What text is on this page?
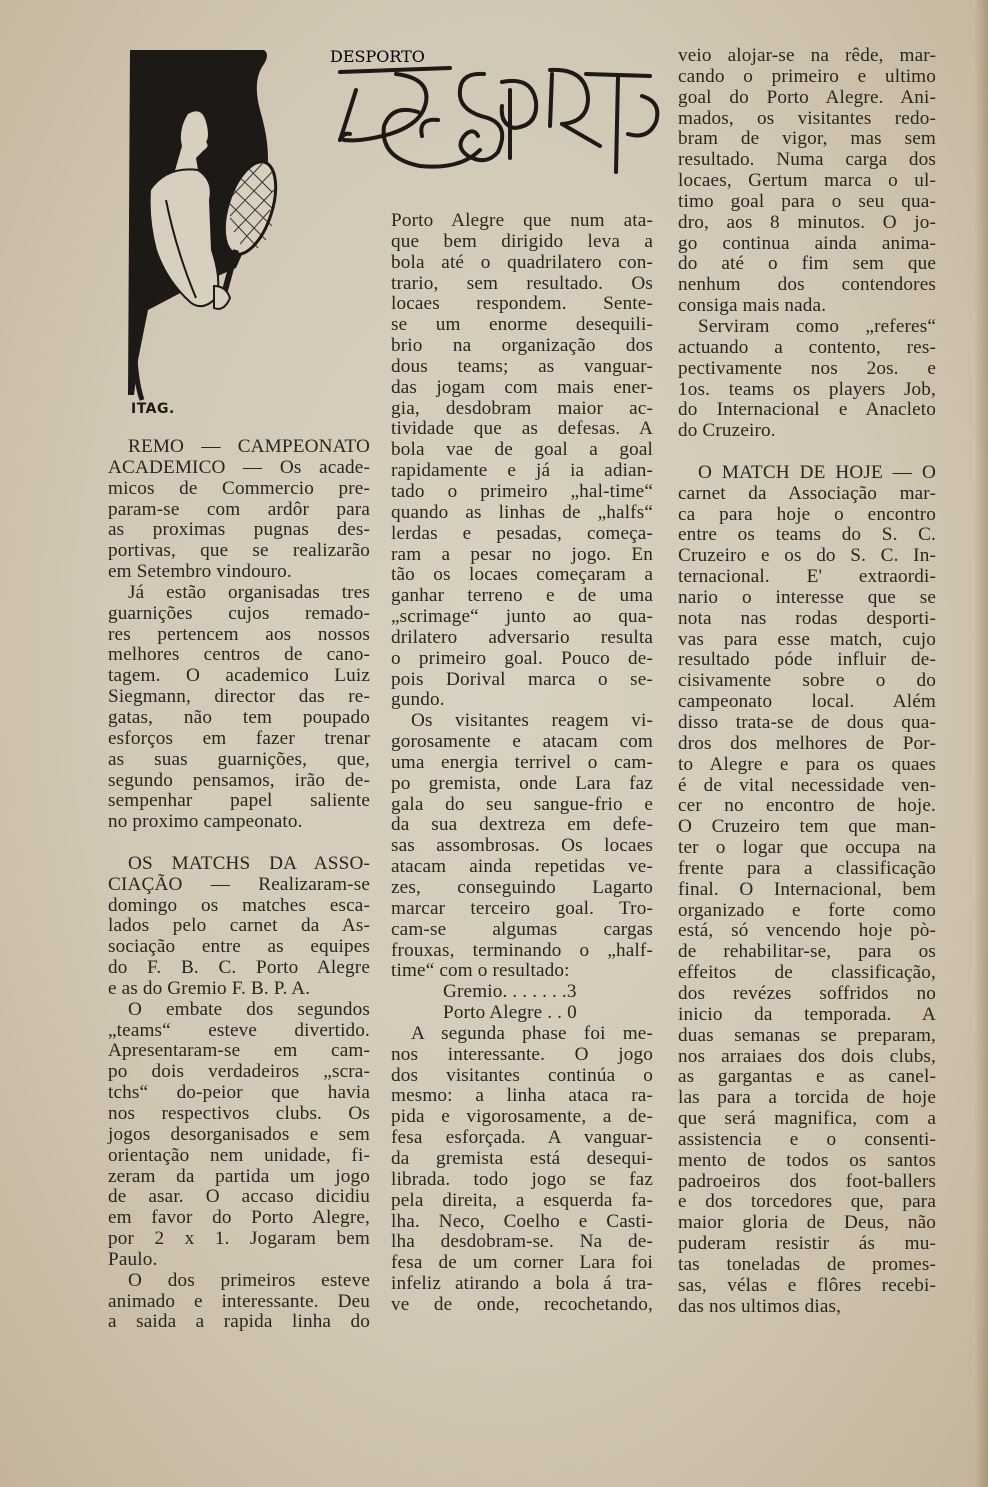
ITAG.
DESPORTO
REMO — CAMPEONATO
ACADEMICO — Os acade-
micos de Commercio pre-
param-se com ardôr para
as proximas pugnas des-
portivas, que se realizarão
em Setembro vindouro.
Já estão organisadas tres
guarnições cujos remado-
res pertencem aos nossos
melhores centros de cano-
tagem. O academico Luiz
Siegmann, director das re-
gatas, não tem poupado
esforços em fazer trenar
as suas guarnições, que,
segundo pensamos, irão de-
sempenhar papel saliente
no proximo campeonato.
OS MATCHS DA ASSO-
CIAÇÃO — Realizaram-se
domingo os matches esca-
lados pelo carnet da As-
sociação entre as equipes
do F. B. C. Porto Alegre
e as do Gremio F. B. P. A.
O embate dos segundos
„teams“ esteve divertido.
Apresentaram-se em cam-
po dois verdadeiros „scra-
tchs“ do-peior que havia
nos respectivos clubs. Os
jogos desorganisados e sem
orientação nem unidade, fi-
zeram da partida um jogo
de asar. O accaso dicidiu
em favor do Porto Alegre,
por 2 x 1. Jogaram bem
Paulo.
O dos primeiros esteve
animado e interessante. Deu
a saida a rapida linha do
Porto Alegre que num ata-
que bem dirigido leva a
bola até o quadrilatero con-
trario, sem resultado. Os
locaes respondem. Sente-
se um enorme desequili-
brio na organização dos
dous teams; as vanguar-
das jogam com mais ener-
gia, desdobram maior ac-
tividade que as defesas. A
bola vae de goal a goal
rapidamente e já ia adian-
tado o primeiro „hal-time“
quando as linhas de „halfs“
lerdas e pesadas, começa-
ram a pesar no jogo. En
tão os locaes começaram a
ganhar terreno e de uma
„scrimage“ junto ao qua-
drilatero adversario resulta
o primeiro goal. Pouco de-
pois Dorival marca o se-
gundo.
Os visitantes reagem vi-
gorosamente e atacam com
uma energia terrivel o cam-
po gremista, onde Lara faz
gala do seu sangue-frio e
da sua dextreza em defe-
sas assombrosas. Os locaes
atacam ainda repetidas ve-
zes, conseguindo Lagarto
marcar terceiro goal. Tro-
cam-se algumas cargas
frouxas, terminando o „half-
time“ com o resultado:
Gremio. . . . . . .3
Porto Alegre . . 0
A segunda phase foi me-
nos interessante. O jogo
dos visitantes continúa o
mesmo: a linha ataca ra-
pida e vigorosamente, a de-
fesa esforçada. A vanguar-
da gremista está desequi-
librada. todo jogo se faz
pela direita, a esquerda fa-
lha. Neco, Coelho e Casti-
lha desdobram-se. Na de-
fesa de um corner Lara foi
infeliz atirando a bola á tra-
ve de onde, recochetando,
veio alojar-se na rêde, mar-
cando o primeiro e ultimo
goal do Porto Alegre. Ani-
mados, os visitantes redo-
bram de vigor, mas sem
resultado. Numa carga dos
locaes, Gertum marca o ul-
timo goal para o seu qua-
dro, aos 8 minutos. O jo-
go continua ainda anima-
do até o fim sem que
nenhum dos contendores
consiga mais nada.
Serviram como „referes“
actuando a contento, res-
pectivamente nos 2os. e
1os. teams os players Job,
do Internacional e Anacleto
do Cruzeiro.
O MATCH DE HOJE — O
carnet da Associação mar-
ca para hoje o encontro
entre os teams do S. C.
Cruzeiro e os do S. C. In-
ternacional. E' extraordi-
nario o interesse que se
nota nas rodas desporti-
vas para esse match, cujo
resultado póde influir de-
cisivamente sobre o do
campeonato local. Além
disso trata-se de dous qua-
dros dos melhores de Por-
to Alegre e para os quaes
é de vital necessidade ven-
cer no encontro de hoje.
O Cruzeiro tem que man-
ter o logar que occupa na
frente para a classificação
final. O Internacional, bem
organizado e forte como
está, só vencendo hoje pò-
de rehabilitar-se, para os
effeitos de classificação,
dos revézes soffridos no
inicio da temporada. A
duas semanas se preparam,
nos arraiaes dos dois clubs,
as gargantas e as canel-
las para a torcida de hoje
que será magnifica, com a
assistencia e o consenti-
mento de todos os santos
padroeiros dos foot-ballers
e dos torcedores que, para
maior gloria de Deus, não
puderam resistir ás mu-
tas toneladas de promes-
sas, vélas e flôres recebi-
das nos ultimos dias,
